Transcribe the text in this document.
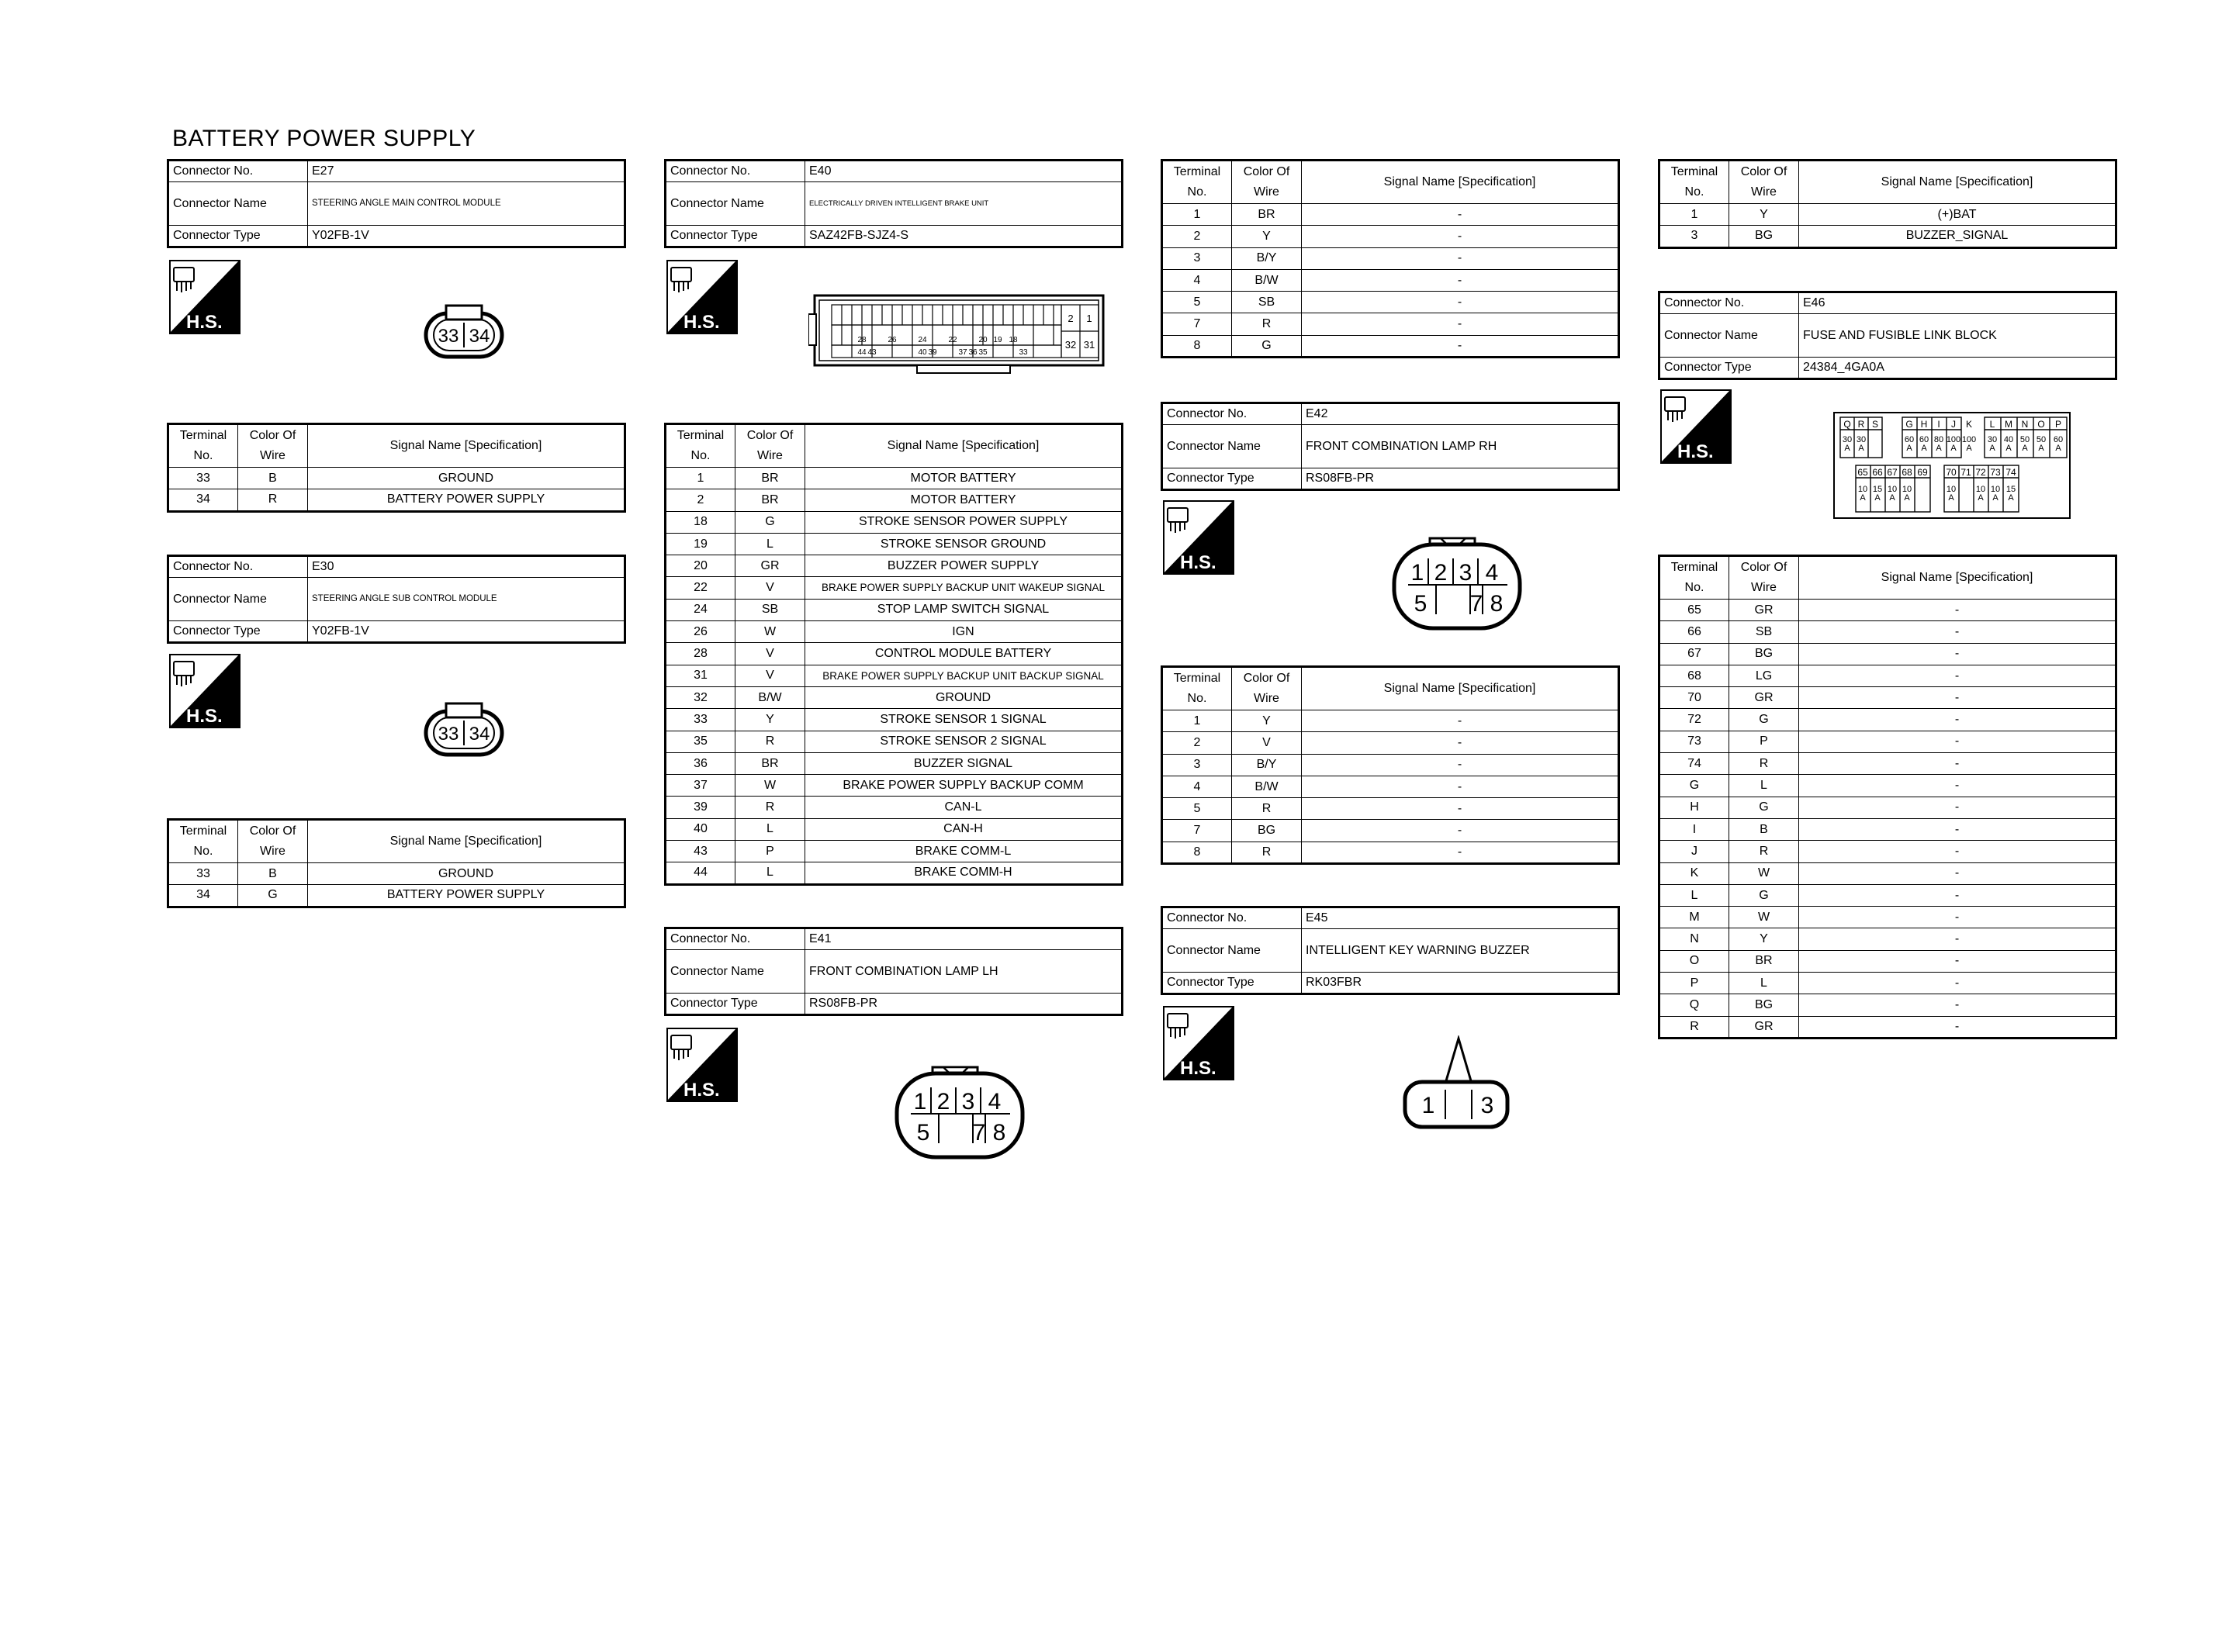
BATTERY POWER SUPPLY
Connector No.	E27
Connector Name	STEERING ANGLE MAIN CONTROL MODULE
Connector Type	Y02FB-1V
H.S.
33 34
Terminal No.	Color Of Wire	Signal Name [Specification]
33	B	GROUND
34	R	BATTERY POWER SUPPLY
Connector No.	E30
Connector Name	STEERING ANGLE SUB CONTROL MODULE
Connector Type	Y02FB-1V
H.S.
33 34
Terminal No.	Color Of Wire	Signal Name [Specification]
33	B	GROUND
34	G	BATTERY POWER SUPPLY
Connector No.	E40
Connector Name	ELECTRICALLY DRIVEN INTELLIGENT BRAKE UNIT
Connector Type	SAZ42FB-SJZ4-S
H.S.
28	26	24	22	20 19 18
44 43	40 39	37 36 35	33
2 1
32 31
Terminal No.	Color Of Wire	Signal Name [Specification]
1	BR	MOTOR BATTERY
2	BR	MOTOR BATTERY
18	G	STROKE SENSOR POWER SUPPLY
19	L	STROKE SENSOR GROUND
20	GR	BUZZER POWER SUPPLY
22	V	BRAKE POWER SUPPLY BACKUP UNIT WAKEUP SIGNAL
24	SB	STOP LAMP SWITCH SIGNAL
26	W	IGN
28	V	CONTROL MODULE BATTERY
31	V	BRAKE POWER SUPPLY BACKUP UNIT BACKUP SIGNAL
32	B/W	GROUND
33	Y	STROKE SENSOR 1 SIGNAL
35	R	STROKE SENSOR 2 SIGNAL
36	BR	BUZZER SIGNAL
37	W	BRAKE POWER SUPPLY BACKUP COMM
39	R	CAN-L
40	L	CAN-H
43	P	BRAKE COMM-L
44	L	BRAKE COMM-H
Connector No.	E41
Connector Name	FRONT COMBINATION LAMP LH
Connector Type	RS08FB-PR
H.S.	1 2 3 4
5 7 8
Terminal No.	Color Of Wire	Signal Name [Specification]
1	BR	-
2	Y	-
3	B/Y	-
4	B/W	-
5	SB	-
7	R	-
8	G	-
Connector No.	E42
Connector Name	FRONT COMBINATION LAMP RH
Connector Type	RS08FB-PR
H.S.	1 2 3 4
5 7 8
Terminal No.	Color Of Wire	Signal Name [Specification]
1	Y	-
2	V	-
3	B/Y	-
4	B/W	-
5	R	-
7	BG	-
8	R	-
Connector No.	E45
Connector Name	INTELLIGENT KEY WARNING BUZZER
Connector Type	RK03FBR
H.S.
1 3
Terminal No.	Color Of Wire	Signal Name [Specification]
1	Y	(+)BAT
3	BG	BUZZER_SIGNAL
Connector No.	E46
Connector Name	FUSE AND FUSIBLE LINK BLOCK
Connector Type	24384_4GA0A
H.S.
Q R S	G H I J K L M N O P
30 A
30 A
60 A
60 A
80 A
100 A
100 A
30 A
40 A
50 A
50 A
60 A
65 66 67 68 69 70 71 72 73 74
10 A
15 A
10 A
10 A
10 A
10 A
10 A
15 A
Terminal No.	Color Of Wire	Signal Name [Specification]
65	GR	-
66	SB	-
67	BG	-
68	LG	-
70	GR	-
72	G	-
73	P	-
74	R	-
G	L	-
H	G	-
I	B	-
J	R	-
K	W	-
L	G	-
M	W	-
N	Y	-
O	BR	-
P	L	-
Q	BG	-
R	GR	-
